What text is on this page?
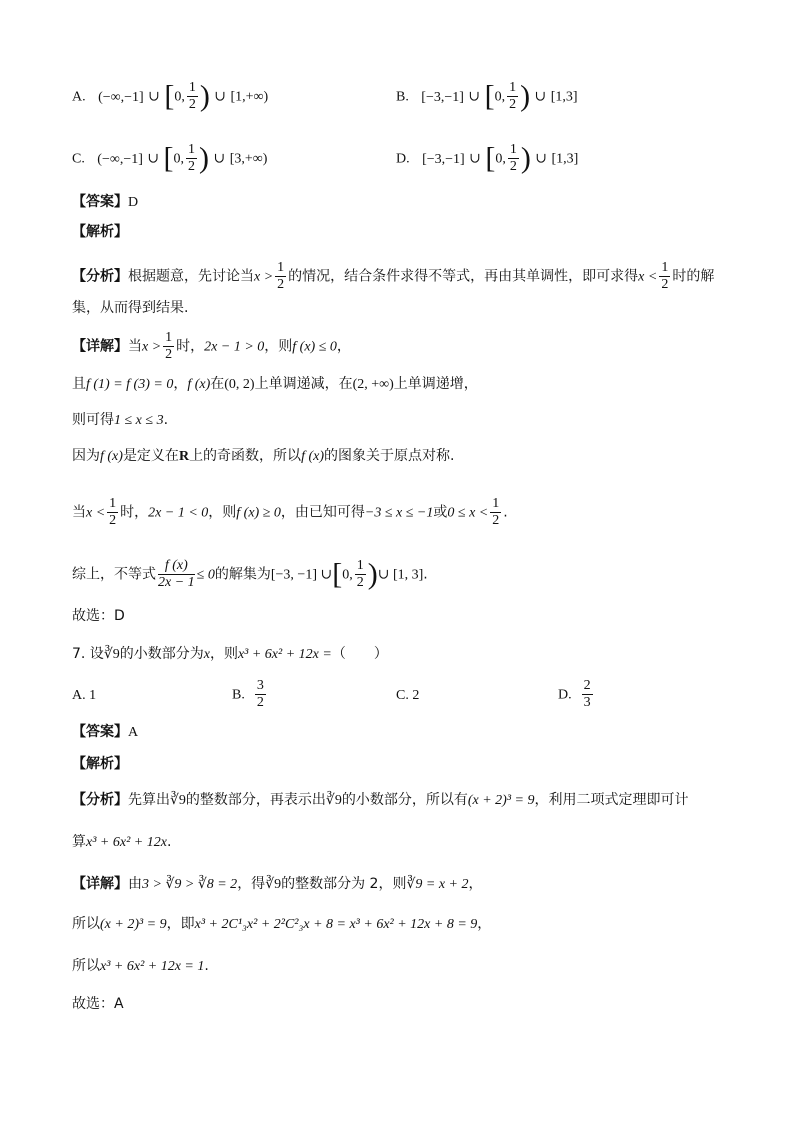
A. (−∞,−1] ∪ [0, $\frac{1}{2}$ ) ∪ [1,+∞)	B. [−3,−1] ∪ [0, $\frac{1}{2}$ ) ∪ [1,3]
C. (−∞,−1] ∪ [0, $\frac{1}{2}$ ) ∪ [3,+∞)	D. [−3,−1] ∪ [0, $\frac{1}{2}$ ) ∪ [1,3]
【答案】D
【解析】
【分析】根据题意，先讨论当$x > \frac{1}{2}$ 的情况，结合条件求得不等式，再由其单调性，即可求得$x < \frac{1}{2}$ 时的解
集，从而得到结果.
【详解】当$x > \frac{1}{2}$ 时，2x − 1 > 0，则f (x) ≤ 0，
且f (1) = f (3) = 0，f (x)在(0, 2)上单调递减，在(2, +∞)上单调递增，
则可得1 ≤ x ≤ 3.
因为f (x)是定义在R上的奇函数，所以f (x)的图象关于原点对称.
当$x < \frac{1}{2}$ 时，2x − 1 < 0，则f (x) ≥ 0，由已知可得−3 ≤ x ≤ −1或$0 \le x < \frac{1}{2}$ .
综上，不等式 $\frac{f (x)}{2x - 1} \le 0$的解集为[−3, −1] ∪[0, $\frac{1}{2}$ )∪ [1, 3].
故选：D
7. 设∛9的小数部分为x，则x³ + 6x² + 12x =（　　）
A. 1	B. $\frac{3}{2}$	C. 2	D. $\frac{2}{3}$
【答案】A
【解析】
【分析】先算出∛9的整数部分，再表示出∛9的小数部分，所以有(x + 2)³ = 9，利用二项式定理即可计
算x³ + 6x² + 12x.
【详解】由3 > ∛9 > ∛8 = 2，得∛9的整数部分为 2，则∛9 = x + 2，
所以(x + 2)³ = 9，即x³ + 2C¹₃x² + 2²C²₃x + 8 = x³ + 6x² + 12x + 8 = 9，
所以x³ + 6x² + 12x = 1.
故选：A
